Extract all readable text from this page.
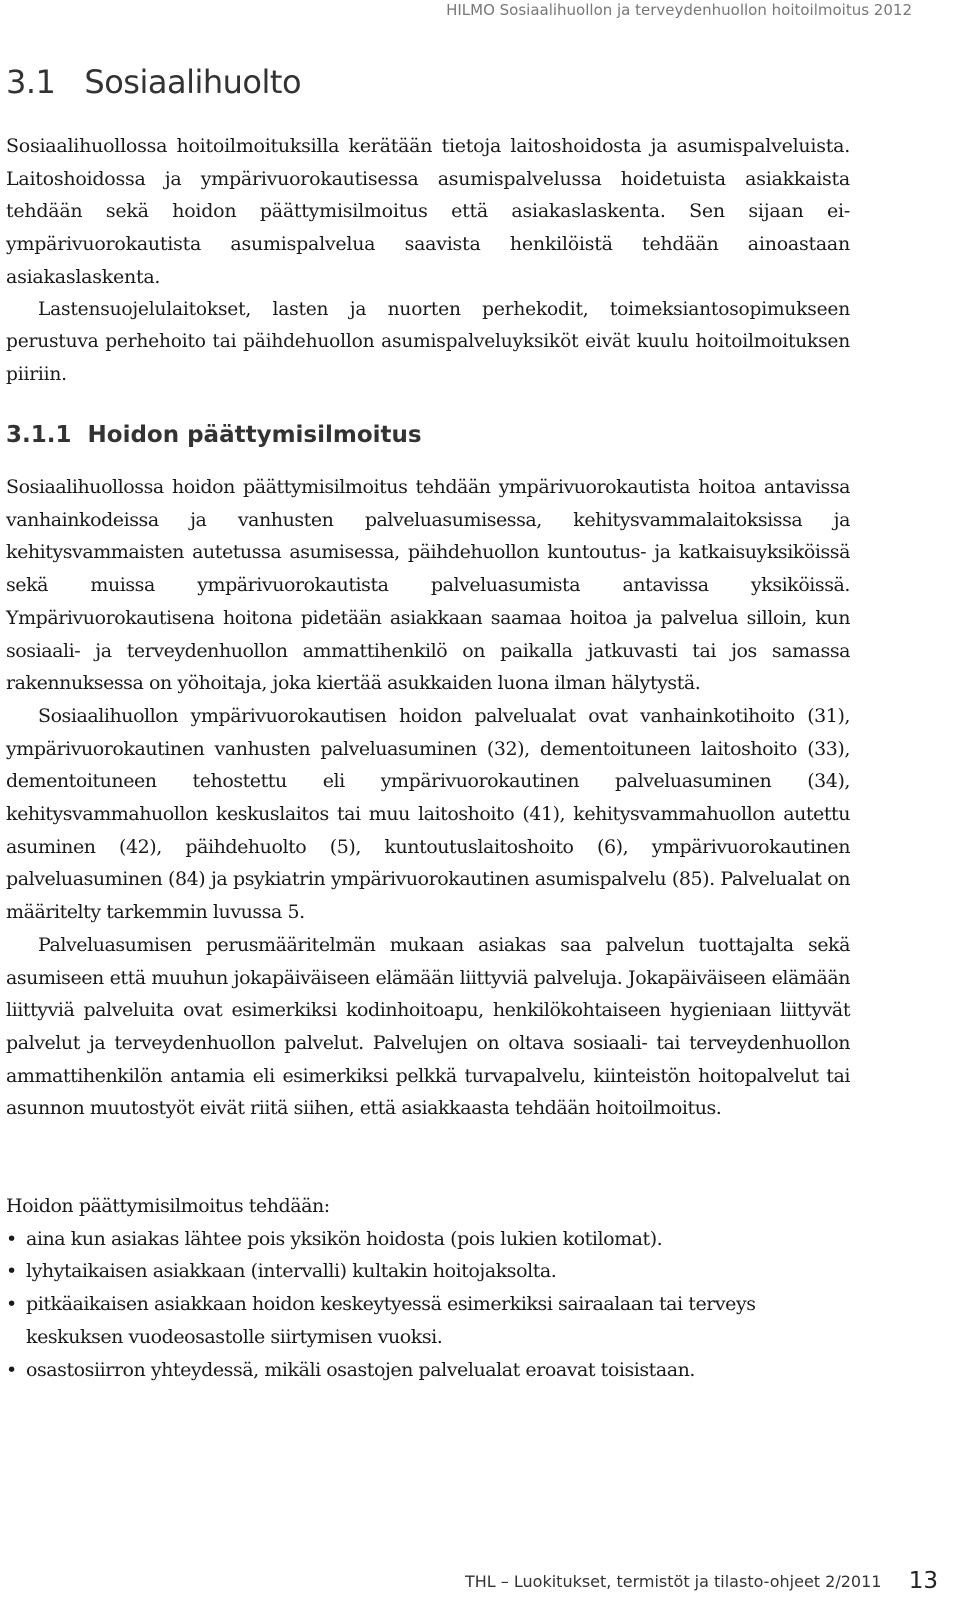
HILMO Sosiaalihuollon ja terveydenhuollon hoitoilmoitus 2012
3.1 Sosiaalihuolto

Sosiaalihuollossa hoitoilmoituksilla kerätään tietoja laitoshoidosta ja asumispalveluista. Laitoshoidossa ja ympärivuorokautisessa asumispalvelussa hoidetuista asiakkaista tehdään sekä hoidon päättymisilmoitus että asiakaslaskenta. Sen sijaan ei-ympärivuorokautista asumispalvelua saavista henkilöistä tehdään ainoastaan asiakaslaskenta.

Lastensuojelulaitokset, lasten ja nuorten perhekodit, toimeksiantosopimukseen perustuva perhehoito tai päihdehuollon asumispalveluyksiköt eivät kuulu hoitoilmoituksen piiriin.

3.1.1 Hoidon päättymisilmoitus

Sosiaalihuollossa hoidon päättymisilmoitus tehdään ympärivuorokautista hoitoa antavissa vanhainkodeissa ja vanhusten palveluasumisessa, kehitysvammalaitoksissa ja kehitysvammaisten autetussa asumisessa, päihdehuollon kuntoutus- ja katkaisuyksiköissä sekä muissa ympärivuorokautista palveluasumista antavissa yksiköissä. Ympärivuorokautisena hoitona pidetään asiakkaan saamaa hoitoa ja palvelua silloin, kun sosiaali- ja terveydenhuollon ammattihenkilö on paikalla jatkuvasti tai jos samassa rakennuksessa on yöhoitaja, joka kiertää asukkaiden luona ilman hälytystä.

Sosiaalihuollon ympärivuorokautisen hoidon palvelualat ovat vanhainkotihoito (31), ympärivuorokautinen vanhusten palveluasuminen (32), dementoituneen laitoshoito (33), dementoituneen tehostettu eli ympärivuorokautinen palveluasuminen (34), kehitysvammahuollon keskuslaitos tai muu laitoshoito (41), kehitysvammahuollon autettu asuminen (42), päihdehuolto (5), kuntoutuslaitoshoito (6), ympärivuorokautinen palveluasuminen (84) ja psykiatrin ympärivuorokautinen asumispalvelu (85). Palvelualat on määritelty tarkemmin luvussa 5.

Palveluasumisen perusmääritelmän mukaan asiakas saa palvelun tuottajalta sekä asumiseen että muuhun jokapäiväiseen elämään liittyviä palveluja. Jokapäiväiseen elämään liittyviä palveluita ovat esimerkiksi kodinhoitoapu, henkilökohtaiseen hygieniaan liittyvät palvelut ja terveydenhuollon palvelut. Palvelujen on oltava sosiaali- tai terveydenhuollon ammattihenkilön antamia eli esimerkiksi pelkkä turvapalvelu, kiinteistön hoitopalvelut tai asunnon muutostyöt eivät riitä siihen, että asiakkaasta tehdään hoitoilmoitus.

Hoidon päättymisilmoitus tehdään:

• aina kun asiakas lähtee pois yksikön hoidosta (pois lukien kotilomat).
• lyhytaikaisen asiakkaan (intervalli) kultakin hoitojaksolta.
• pitkäaikaisen asiakkaan hoidon keskeytyessä esimerkiksi sairaalaan tai terveys keskuksen vuodeosastolle siirtymisen vuoksi.
• osastosiirron yhteydessä, mikäli osastojen palvelualat eroavat toisistaan.
THL – Luokitukset, termistöt ja tilasto-ohjeet 2/2011 13
